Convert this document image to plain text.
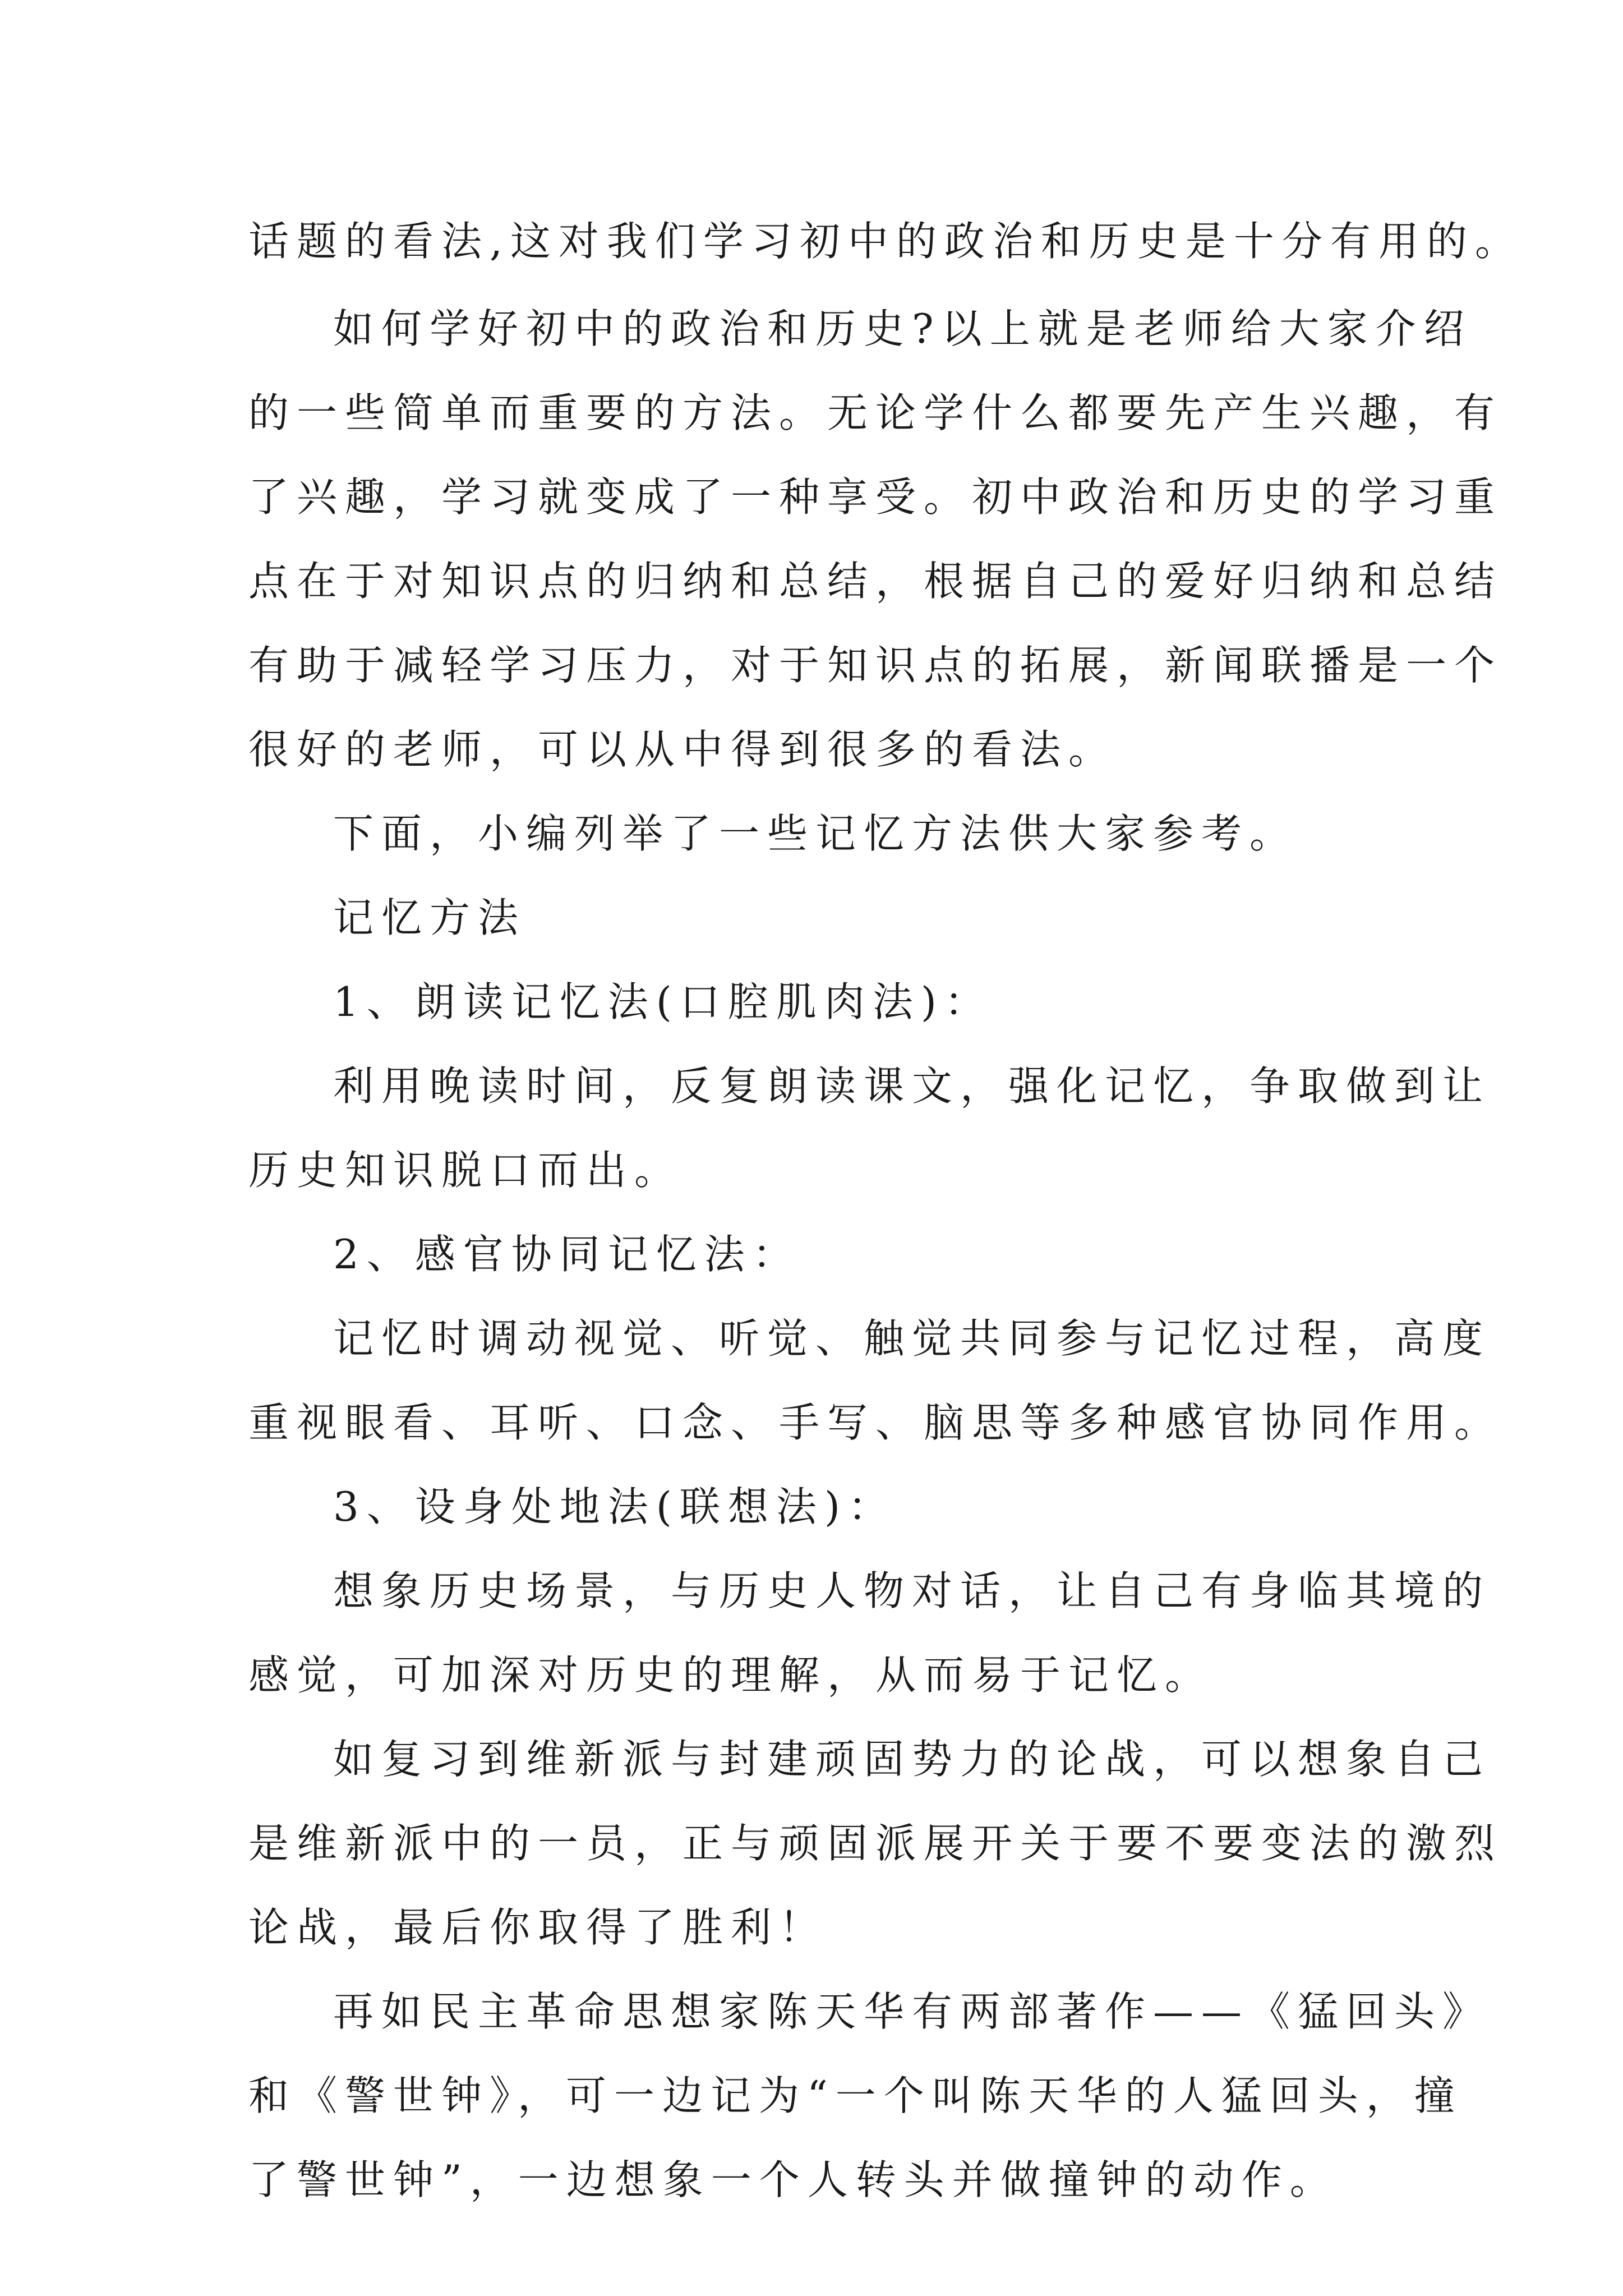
话题的看法,这对我们学习初中的政治和历史是十分有用的。
如何学好初中的政治和历史?以上就是老师给大家介绍
的一些简单而重要的方法。无论学什么都要先产生兴趣，有
了兴趣，学习就变成了一种享受。初中政治和历史的学习重
点在于对知识点的归纳和总结，根据自己的爱好归纳和总结
有助于减轻学习压力，对于知识点的拓展，新闻联播是一个
很好的老师，可以从中得到很多的看法。
下面，小编列举了一些记忆方法供大家参考。
记忆方法
1、朗读记忆法(口腔肌肉法)：
利用晚读时间，反复朗读课文，强化记忆，争取做到让
历史知识脱口而出。
2、感官协同记忆法：
记忆时调动视觉、听觉、触觉共同参与记忆过程，高度
重视眼看、耳听、口念、手写、脑思等多种感官协同作用。
3、设身处地法(联想法)：
想象历史场景，与历史人物对话，让自己有身临其境的
感觉，可加深对历史的理解，从而易于记忆。
如复习到维新派与封建顽固势力的论战，可以想象自己
是维新派中的一员，正与顽固派展开关于要不要变法的激烈
论战，最后你取得了胜利！
再如民主革命思想家陈天华有两部著作——《猛回头》
和《警世钟》，可一边记为“一个叫陈天华的人猛回头，撞
了警世钟”，一边想象一个人转头并做撞钟的动作。
